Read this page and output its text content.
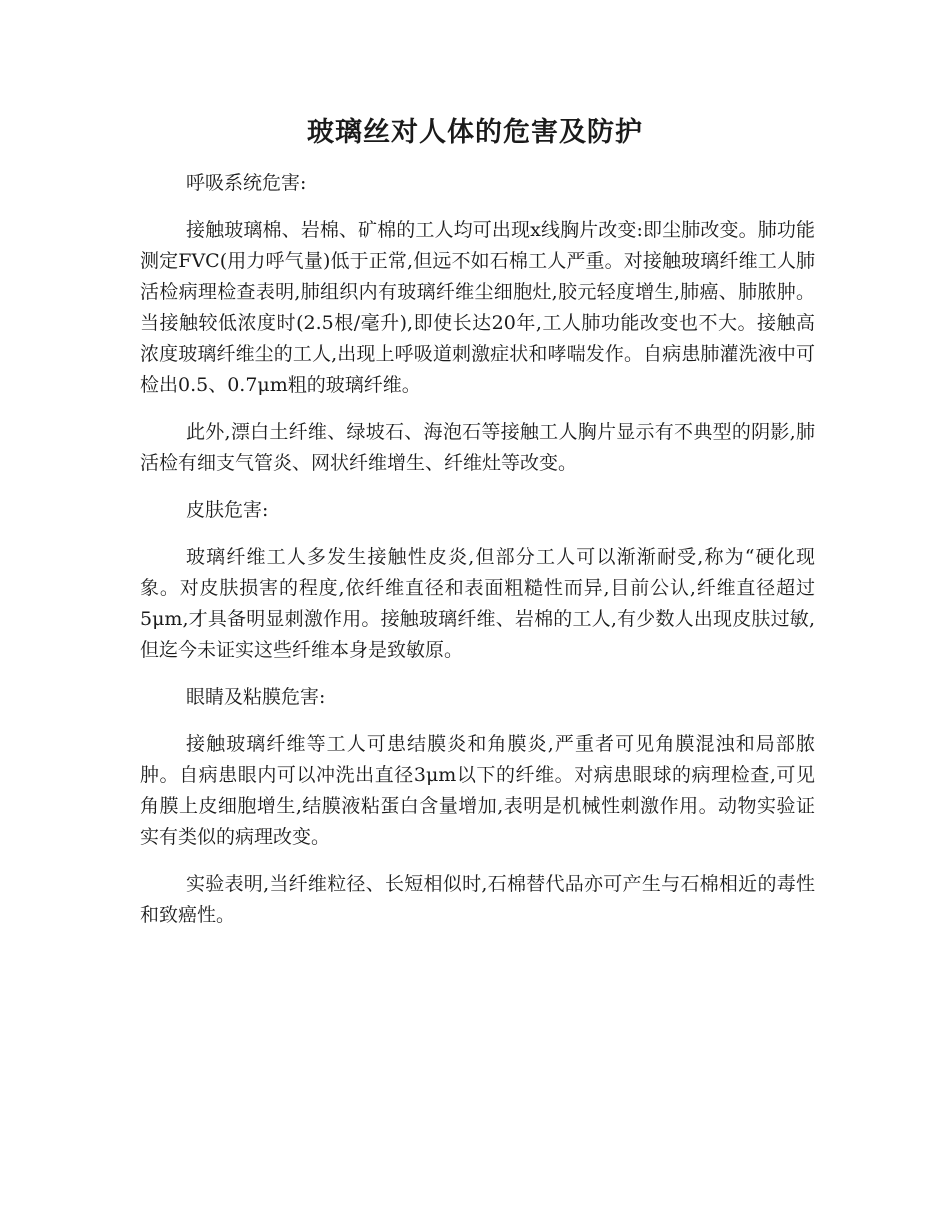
玻璃丝对人体的危害及防护

呼吸系统危害:

接触玻璃棉、岩棉、矿棉的工人均可出现x线胸片改变:即尘肺改变。肺功能测定FVC(用力呼气量)低于正常,但远不如石棉工人严重。对接触玻璃纤维工人肺活检病理检查表明,肺组织内有玻璃纤维尘细胞灶,胶元轻度增生,肺癌、肺脓肿。当接触较低浓度时(2.5根/毫升),即使长达20年,工人肺功能改变也不大。接触高浓度玻璃纤维尘的工人,出现上呼吸道刺激症状和哮喘发作。自病患肺灌洗液中可检出0.5、0.7μm粗的玻璃纤维。

此外,漂白土纤维、绿坡石、海泡石等接触工人胸片显示有不典型的阴影,肺活检有细支气管炎、网状纤维增生、纤维灶等改变。

皮肤危害:

玻璃纤维工人多发生接触性皮炎,但部分工人可以渐渐耐受,称为“硬化现象。对皮肤损害的程度,依纤维直径和表面粗糙性而异,目前公认,纤维直径超过5μm,才具备明显刺激作用。接触玻璃纤维、岩棉的工人,有少数人出现皮肤过敏,但迄今未证实这些纤维本身是致敏原。

眼睛及粘膜危害:

接触玻璃纤维等工人可患结膜炎和角膜炎,严重者可见角膜混浊和局部脓肿。自病患眼内可以冲洗出直径3μm以下的纤维。对病患眼球的病理检查,可见角膜上皮细胞增生,结膜液粘蛋白含量增加,表明是机械性刺激作用。动物实验证实有类似的病理改变。

实验表明,当纤维粒径、长短相似时,石棉替代品亦可产生与石棉相近的毒性和致癌性。
